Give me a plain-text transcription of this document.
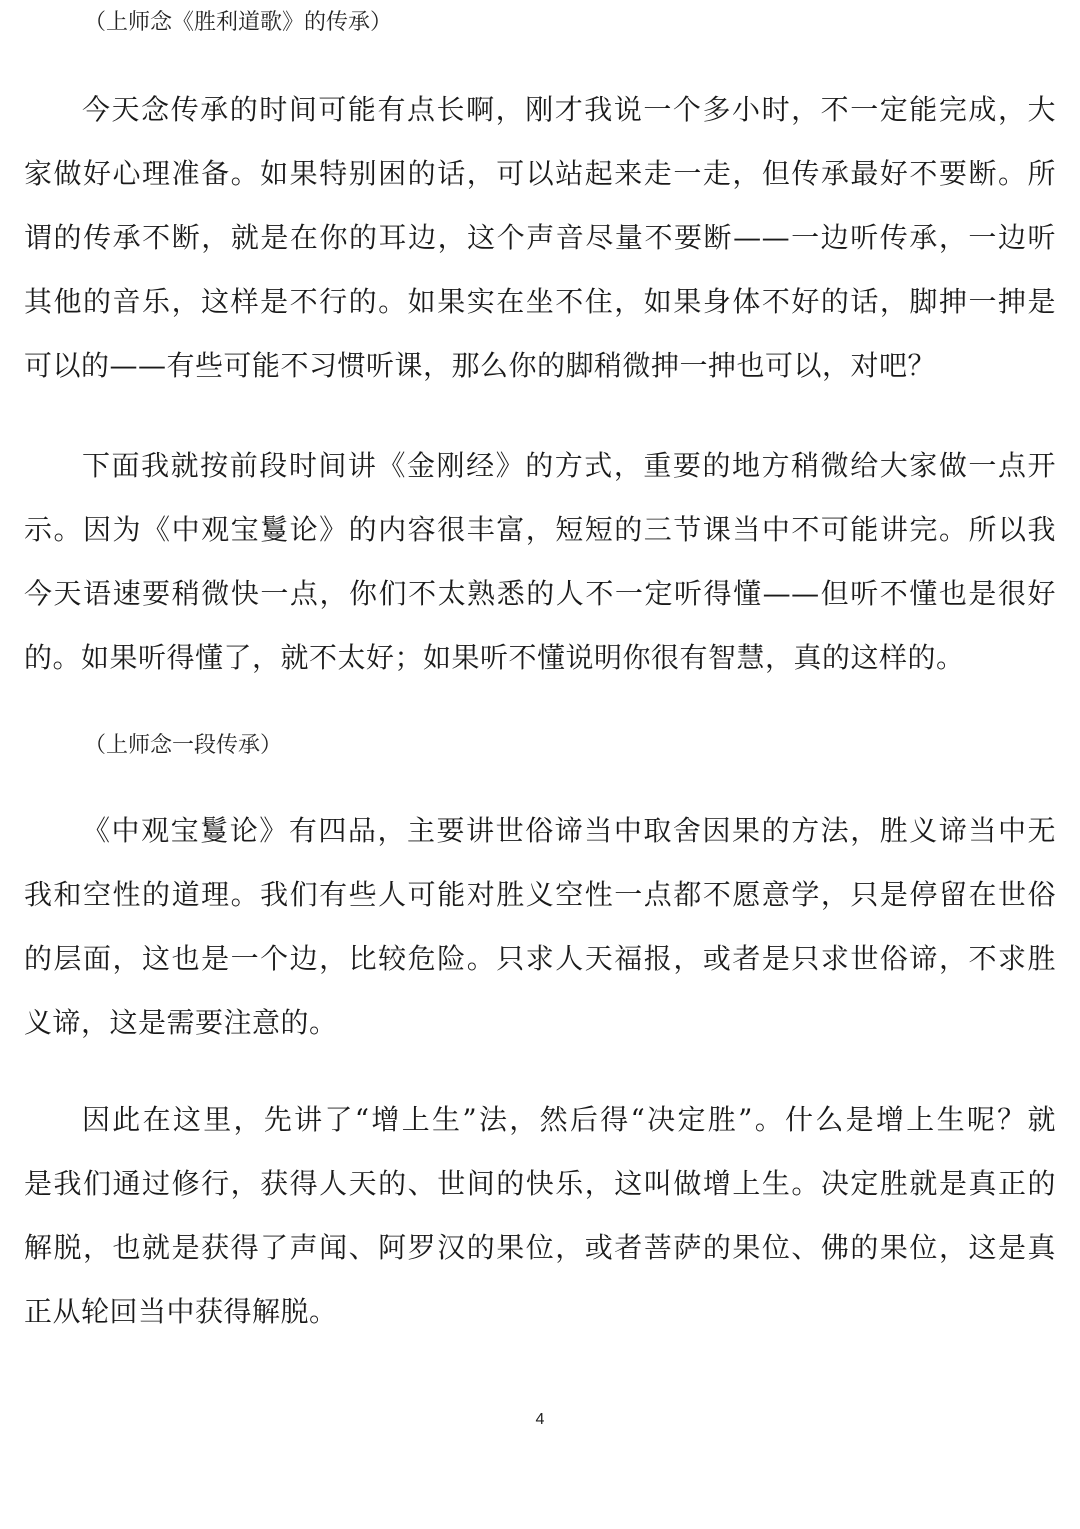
（上师念《胜利道歌》的传承）

今天念传承的时间可能有点长啊，刚才我说一个多小时，不一定能完成，大
家做好心理准备。如果特别困的话，可以站起来走一走，但传承最好不要断。所
谓的传承不断，就是在你的耳边，这个声音尽量不要断——一边听传承，一边听
其他的音乐，这样是不行的。如果实在坐不住，如果身体不好的话，脚抻一抻是
可以的——有些可能不习惯听课，那么你的脚稍微抻一抻也可以，对吧？
下面我就按前段时间讲《金刚经》的方式，重要的地方稍微给大家做一点开
示。因为《中观宝鬘论》的内容很丰富，短短的三节课当中不可能讲完。所以我
今天语速要稍微快一点，你们不太熟悉的人不一定听得懂——但听不懂也是很好
的。如果听得懂了，就不太好；如果听不懂说明你很有智慧，真的这样的。

（上师念一段传承）

《中观宝鬘论》有四品，主要讲世俗谛当中取舍因果的方法，胜义谛当中无
我和空性的道理。我们有些人可能对胜义空性一点都不愿意学，只是停留在世俗
的层面，这也是一个边，比较危险。只求人天福报，或者是只求世俗谛，不求胜
义谛，这是需要注意的。
因此在这里，先讲了“增上生”法，然后得“决定胜”。什么是增上生呢？就
是我们通过修行，获得人天的、世间的快乐，这叫做增上生。决定胜就是真正的
解脱，也就是获得了声闻、阿罗汉的果位，或者菩萨的果位、佛的果位，这是真
正从轮回当中获得解脱。
4
